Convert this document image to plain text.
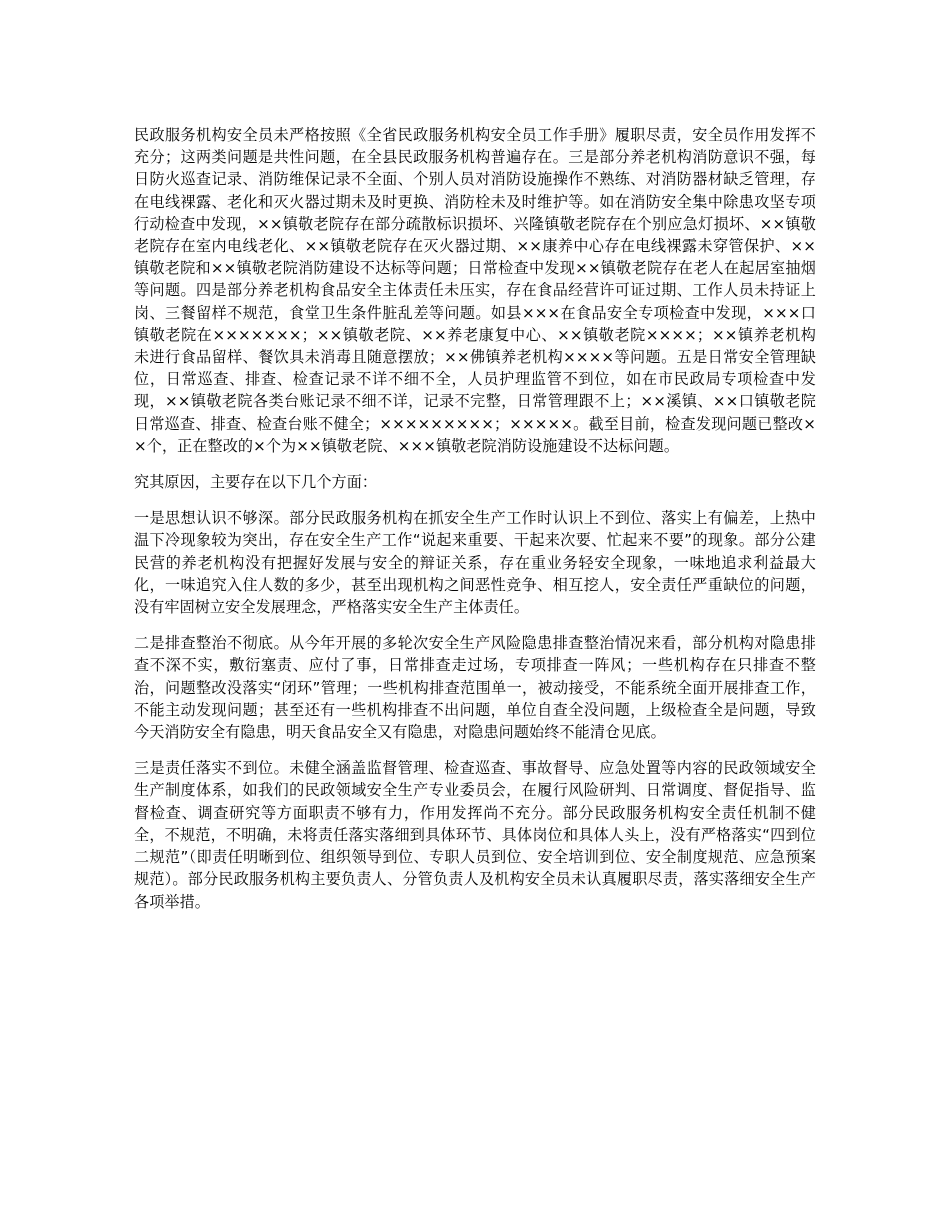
民政服务机构安全员未严格按照《全省民政服务机构安全员工作手册》履职尽责，安全员作用发挥不充分；这两类问题是共性问题，在全县民政服务机构普遍存在。三是部分养老机构消防意识不强，每日防火巡查记录、消防维保记录不全面、个别人员对消防设施操作不熟练、对消防器材缺乏管理，存在电线裸露、老化和灭火器过期未及时更换、消防栓未及时维护等。如在消防安全集中除患攻坚专项行动检查中发现，××镇敬老院存在部分疏散标识损坏、兴隆镇敬老院存在个别应急灯损坏、××镇敬老院存在室内电线老化、××镇敬老院存在灭火器过期、××康养中心存在电线裸露未穿管保护、××镇敬老院和××镇敬老院消防建设不达标等问题；日常检查中发现××镇敬老院存在老人在起居室抽烟等问题。四是部分养老机构食品安全主体责任未压实，存在食品经营许可证过期、工作人员未持证上岗、三餐留样不规范，食堂卫生条件脏乱差等问题。如县×××在食品安全专项检查中发现，×××口镇敬老院在×××××××；××镇敬老院、××养老康复中心、××镇敬老院××××；××镇养老机构未进行食品留样、餐饮具未消毒且随意摆放；××佛镇养老机构××××等问题。五是日常安全管理缺位，日常巡查、排查、检查记录不详不细不全，人员护理监管不到位，如在市民政局专项检查中发现，××镇敬老院各类台账记录不细不详，记录不完整，日常管理跟不上；××溪镇、××口镇敬老院日常巡查、排查、检查台账不健全；×××××××××；×××××。截至目前，检查发现问题已整改××个，正在整改的×个为××镇敬老院、×××镇敬老院消防设施建设不达标问题。

究其原因，主要存在以下几个方面：

一是思想认识不够深。部分民政服务机构在抓安全生产工作时认识上不到位、落实上有偏差，上热中温下冷现象较为突出，存在安全生产工作“说起来重要、干起来次要、忙起来不要”的现象。部分公建民营的养老机构没有把握好发展与安全的辩证关系，存在重业务轻安全现象，一味地追求利益最大化，一味追究入住人数的多少，甚至出现机构之间恶性竞争、相互挖人，安全责任严重缺位的问题，没有牢固树立安全发展理念，严格落实安全生产主体责任。

二是排查整治不彻底。从今年开展的多轮次安全生产风险隐患排查整治情况来看，部分机构对隐患排查不深不实，敷衍塞责、应付了事，日常排查走过场，专项排查一阵风；一些机构存在只排查不整治，问题整改没落实“闭环”管理；一些机构排查范围单一，被动接受，不能系统全面开展排查工作，不能主动发现问题；甚至还有一些机构排查不出问题，单位自查全没问题，上级检查全是问题，导致今天消防安全有隐患，明天食品安全又有隐患，对隐患问题始终不能清仓见底。

三是责任落实不到位。未健全涵盖监督管理、检查巡查、事故督导、应急处置等内容的民政领域安全生产制度体系，如我们的民政领域安全生产专业委员会，在履行风险研判、日常调度、督促指导、监督检查、调查研究等方面职责不够有力，作用发挥尚不充分。部分民政服务机构安全责任机制不健全，不规范，不明确，未将责任落实落细到具体环节、具体岗位和具体人头上，没有严格落实“四到位二规范”（即责任明晰到位、组织领导到位、专职人员到位、安全培训到位、安全制度规范、应急预案规范）。部分民政服务机构主要负责人、分管负责人及机构安全员未认真履职尽责，落实落细安全生产各项举措。
